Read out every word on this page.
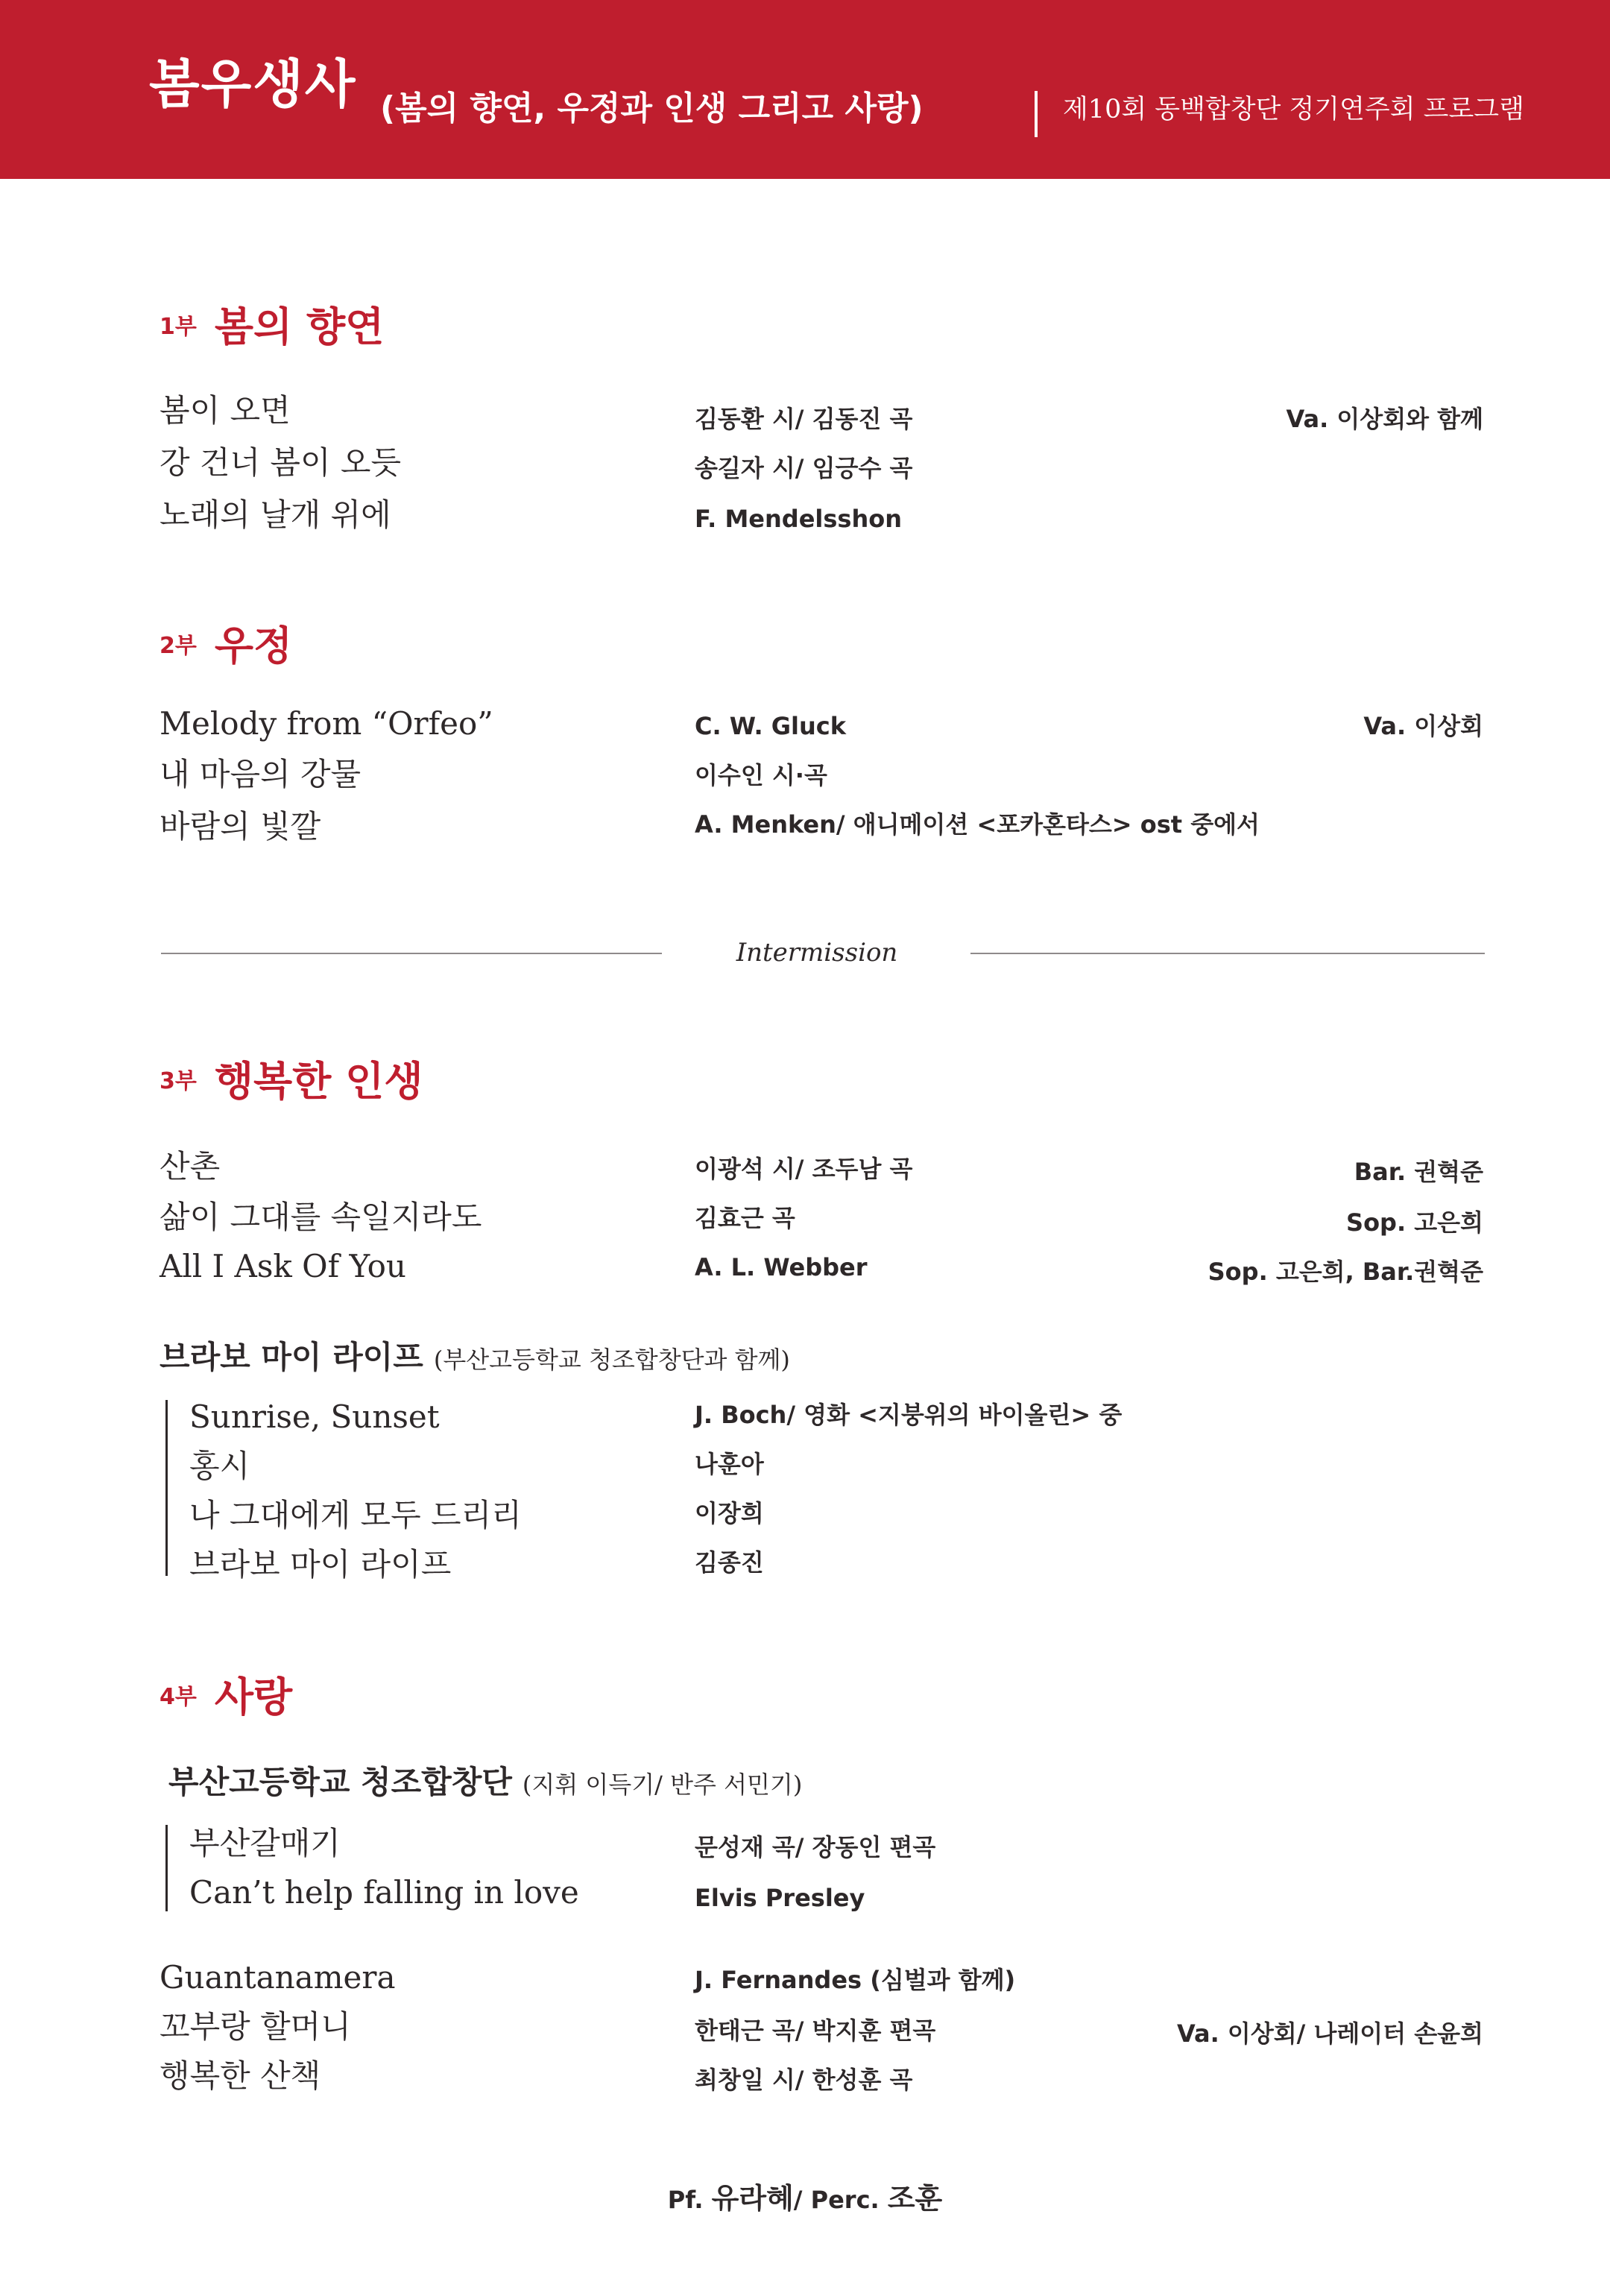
봄우생사 (봄의 향연, 우정과 인생 그리고 사랑)	제10회 동백합창단 정기연주회 프로그램
1부 봄의 향연
봄이 오면	김동환 시/ 김동진 곡	Va. 이상회와 함께
강 건너 봄이 오듯	송길자 시/ 임긍수 곡
노래의 날개 위에	F. Mendelsshon
2부 우정
Melody from “Orfeo”	C. W. Gluck	Va. 이상회
내 마음의 강물	이수인 시·곡
바람의 빛깔	A. Menken/ 애니메이션 <포카혼타스> ost 중에서
Intermission
3부 행복한 인생
산촌	이광석 시/ 조두남 곡	Bar. 권혁준
삶이 그대를 속일지라도	김효근 곡	Sop. 고은희
All I Ask Of You	A. L. Webber	Sop. 고은희, Bar.권혁준
브라보 마이 라이프 (부산고등학교 청조합창단과 함께)
Sunrise, Sunset	J. Boch/ 영화 <지붕위의 바이올린> 중
홍시	나훈아
나 그대에게 모두 드리리	이장희
브라보 마이 라이프	김종진
4부 사랑
부산고등학교 청조합창단 (지휘 이득기/ 반주 서민기)
부산갈매기	문성재 곡/ 장동인 편곡
Can’t help falling in love	Elvis Presley
Guantanamera	J. Fernandes (심벌과 함께)
꼬부랑 할머니	한태근 곡/ 박지훈 편곡	Va. 이상회/ 나레이터 손윤희
행복한 산책	최창일 시/ 한성훈 곡
Pf. 유라혜/ Perc. 조훈
